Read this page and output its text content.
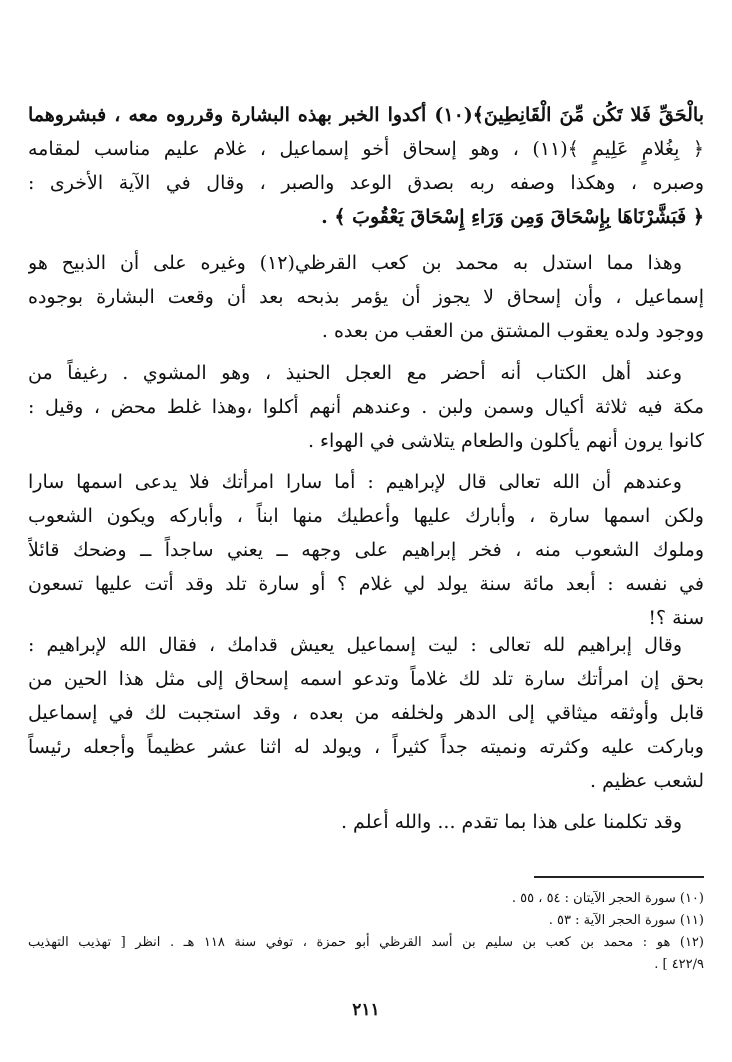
بالْحَقِّ فَلا تَكُن مِّنَ الْقَانِطِينَ﴾(١٠) أكدوا الخبر بهذه البشارة وقرروه معه ، فبشروهما
﴿ بِغُلامٍ عَلِيمٍ ﴾(١١) ، وهو إسحاق أخو إسماعيل ، غلام عليم مناسب لمقامه
وصبره ، وهكذا وصفه ربه بصدق الوعد والصبر ، وقال في الآية الأخرى :
﴿ فَبَشَّرْنَاهَا بِإِسْحَاقَ وَمِن وَرَاءِ إِسْحَاقَ يَعْقُوبَ ﴾ .
وهذا مما استدل به محمد بن كعب القرظي(١٢) وغيره على أن الذبيح هو
إسماعيل ، وأن إسحاق لا يجوز أن يؤمر بذبحه بعد أن وقعت البشارة بوجوده
ووجود ولده يعقوب المشتق من العقب من بعده .
وعند أهل الكتاب أنه أحضر مع العجل الحنيذ ، وهو المشوي . رغيفاً من
مكة فيه ثلاثة أكيال وسمن ولبن . وعندهم أنهم أكلوا ،وهذا غلط محض ، وقيل :
كانوا يرون أنهم يأكلون والطعام يتلاشى في الهواء .
وعندهم أن الله تعالى قال لإبراهيم : أما سارا امرأتك فلا يدعى اسمها سارا
ولكن اسمها سارة ، وأبارك عليها وأعطيك منها ابناً ، وأباركه ويكون الشعوب
وملوك الشعوب منه ، فخر إبراهيم على وجهه ــ يعني ساجداً ــ وضحك قائلاً
في نفسه : أبعد مائة سنة يولد لي غلام ؟ أو سارة تلد وقد أتت عليها تسعون
سنة ؟!
وقال إبراهيم لله تعالى : ليت إسماعيل يعيش قدامك ، فقال الله لإبراهيم :
بحق إن امرأتك سارة تلد لك غلاماً وتدعو اسمه إسحاق إلى مثل هذا الحين من
قابل وأوثقه ميثاقي إلى الدهر ولخلفه من بعده ، وقد استجبت لك في إسماعيل
وباركت عليه وكثرته ونميته جداً كثيراً ، ويولد له اثنا عشر عظيماً وأجعله رئيساً
لشعب عظيم .
وقد تكلمنا على هذا بما تقدم ... والله أعلم .
(١٠) سورة الحجر الآيتان : ٥٤ ، ٥٥ .
(١١) سورة الحجر الآية : ٥٣ .
(١٢) هو : محمد بن كعب بن سليم بن أسد القرظي أبو حمزة ، توفي سنة ١١٨ هـ . انظر [ تهذيب التهذيب
٤٢٢/٩ ] .
٢١١
